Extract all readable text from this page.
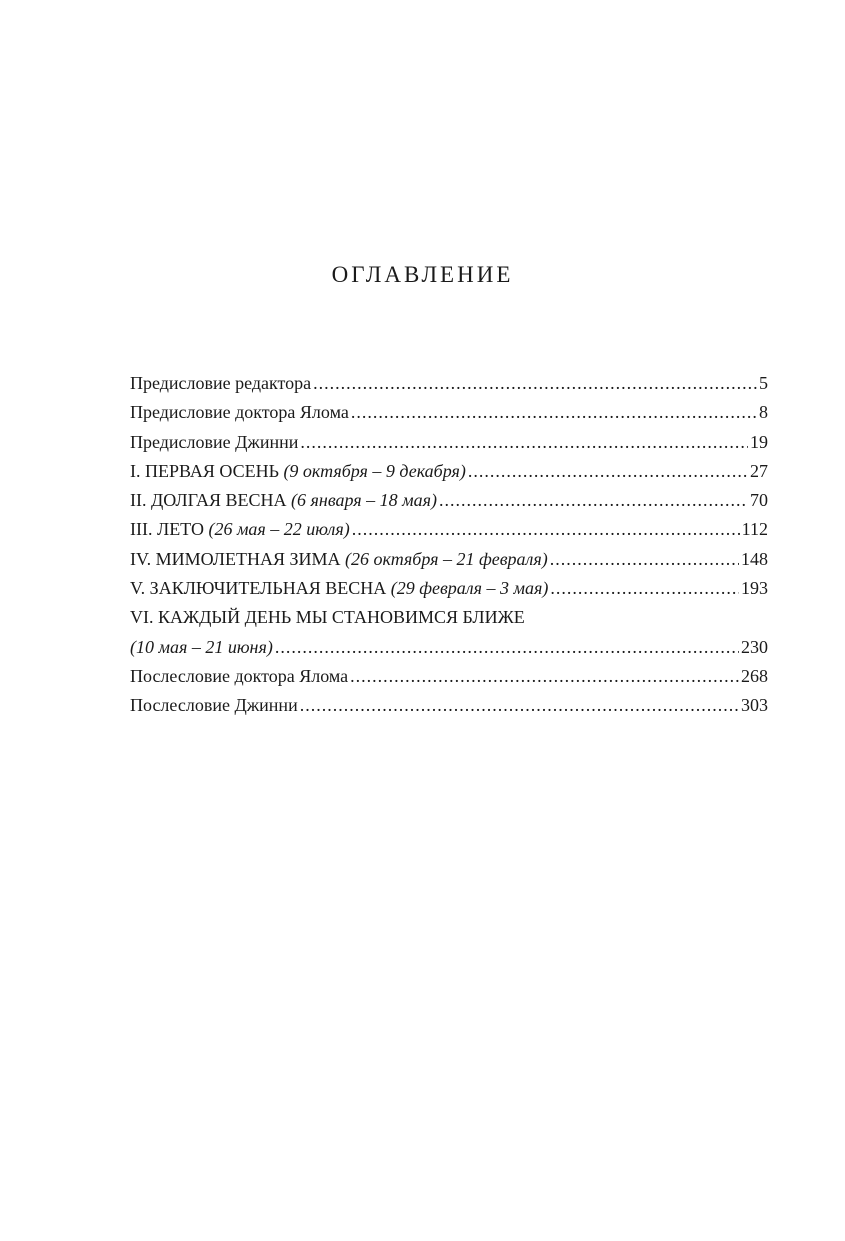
ОГЛАВЛЕНИЕ
Предисловие редактора .....	5
Предисловие доктора Ялома .....	8
Предисловие Джинни .....	19
I. ПЕРВАЯ ОСЕНЬ (9 октября – 9 декабря) .....	27
II. ДОЛГАЯ ВЕСНА (6 января – 18 мая) .....	70
III. ЛЕТО (26 мая – 22 июля) .....	112
IV. МИМОЛЕТНАЯ ЗИМА (26 октября – 21 февраля) .....	148
V. ЗАКЛЮЧИТЕЛЬНАЯ ВЕСНА (29 февраля – 3 мая) .....	193
VI. КАЖДЫЙ ДЕНЬ МЫ СТАНОВИМСЯ БЛИЖЕ
(10 мая – 21 июня) .....	230
Послесловие доктора Ялома .....	268
Послесловие Джинни .....	303
